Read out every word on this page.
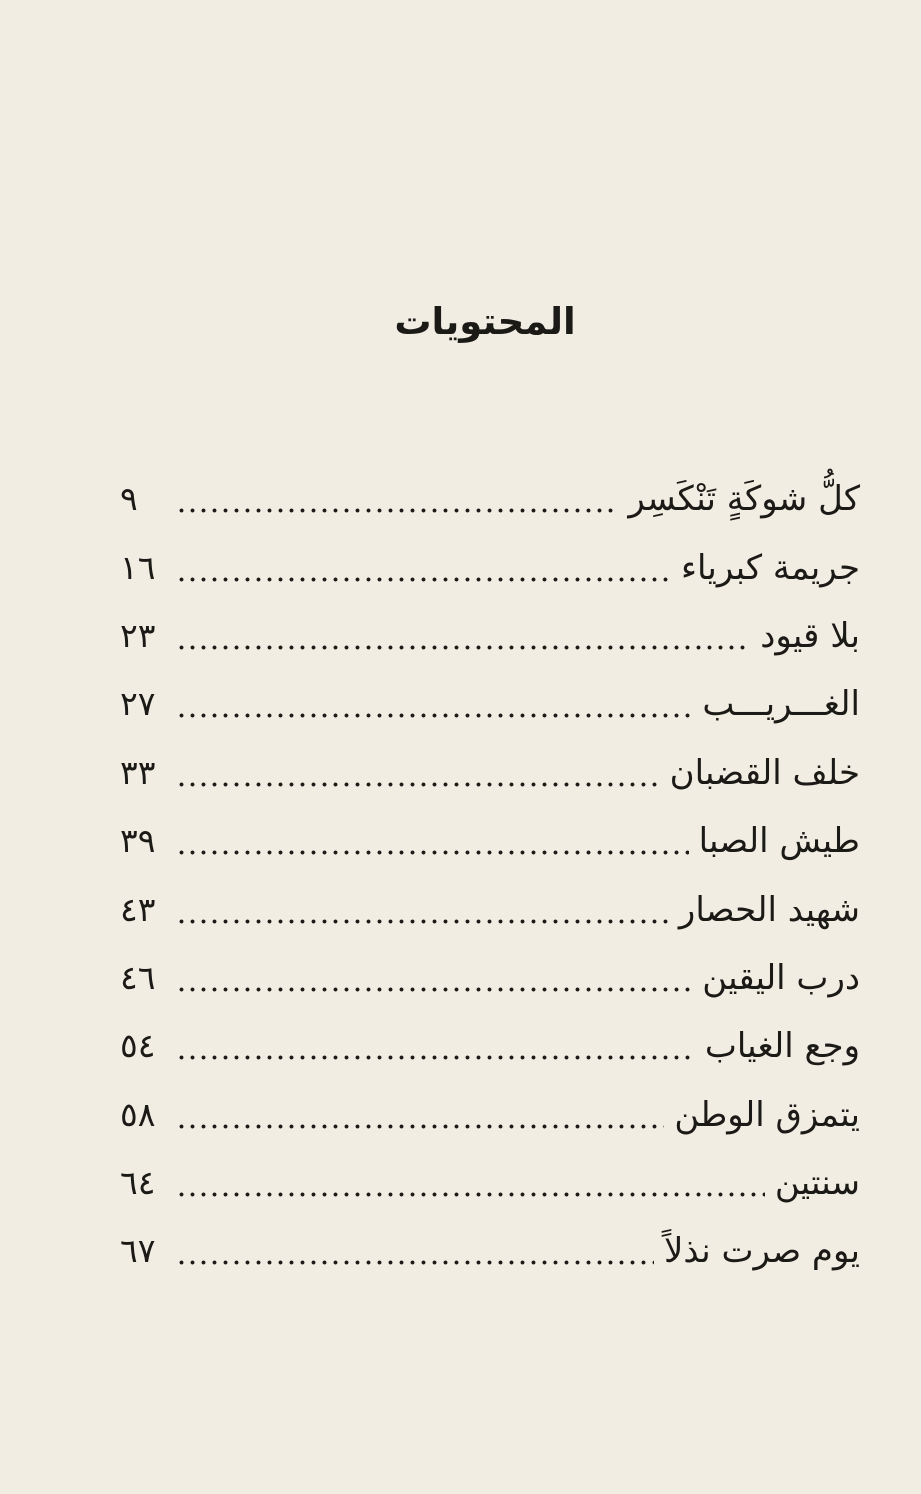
المحتويات
كلُّ شوكَةٍ تَنْكَسِر
٩
جريمة كبرياء
١٦
بلا قيود
٢٣
الغـــريـــب
٢٧
خلف القضبان
٣٣
طيش الصبا
٣٩
شهيد الحصار
٤٣
درب اليقين
٤٦
وجع الغياب
٥٤
يتمزق الوطن
٥٨
سنتين
٦٤
يوم صرت نذلاً
٦٧
